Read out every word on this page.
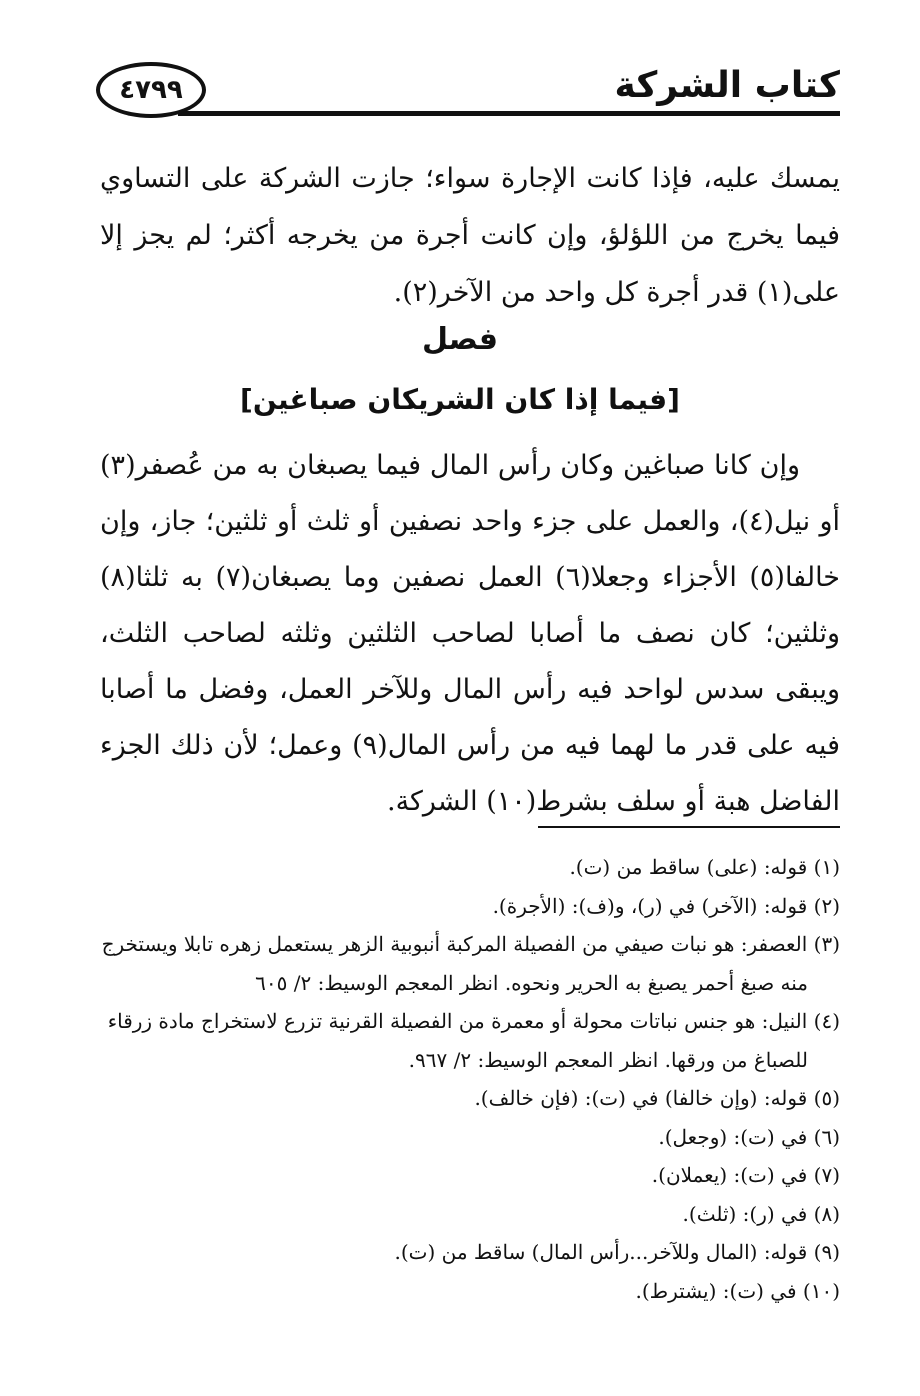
كتاب الشركة
٤٧٩٩

يمسك عليه، فإذا كانت الإجارة سواء؛ جازت الشركة على التساوي فيما يخرج من اللؤلؤ، وإن كانت أجرة من يخرجه أكثر؛ لم يجز إلا على(١) قدر أجرة كل واحد من الآخر(٢).

فصل
[فيما إذا كان الشريكان صباغين]

وإن كانا صباغين وكان رأس المال فيما يصبغان به من عُصفر(٣) أو نيل(٤)، والعمل على جزء واحد نصفين أو ثلث أو ثلثين؛ جاز، وإن خالفا(٥) الأجزاء وجعلا(٦) العمل نصفين وما يصبغان(٧) به ثلثا(٨) وثلثين؛ كان نصف ما أصابا لصاحب الثلثين وثلثه لصاحب الثلث، ويبقى سدس لواحد فيه رأس المال وللآخر العمل، وفضل ما أصابا فيه على قدر ما لهما فيه من رأس المال(٩) وعمل؛ لأن ذلك الجزء الفاضل هبة أو سلف بشرط(١٠) الشركة.

(١) قوله: (على) ساقط من (ت).

(٢) قوله: (الآخر) في (ر)، و(ف): (الأجرة).

(٣) العصفر: هو نبات صيفي من الفصيلة المركبة أنبوبية الزهر يستعمل زهره تابلا ويستخرج

منه صبغ أحمر يصبغ به الحرير ونحوه. انظر المعجم الوسيط: ٢/ ٦٠٥

(٤) النيل: هو جنس نباتات محولة أو معمرة من الفصيلة القرنية تزرع لاستخراج مادة زرقاء

للصباغ من ورقها. انظر المعجم الوسيط: ٢/ ٩٦٧.

(٥) قوله: (وإن خالفا) في (ت): (فإن خالف).

(٦) في (ت): (وجعل).

(٧) في (ت): (يعملان).

(٨) في (ر): (ثلث).

(٩) قوله: (المال وللآخر...رأس المال) ساقط من (ت).

(١٠) في (ت): (يشترط).
